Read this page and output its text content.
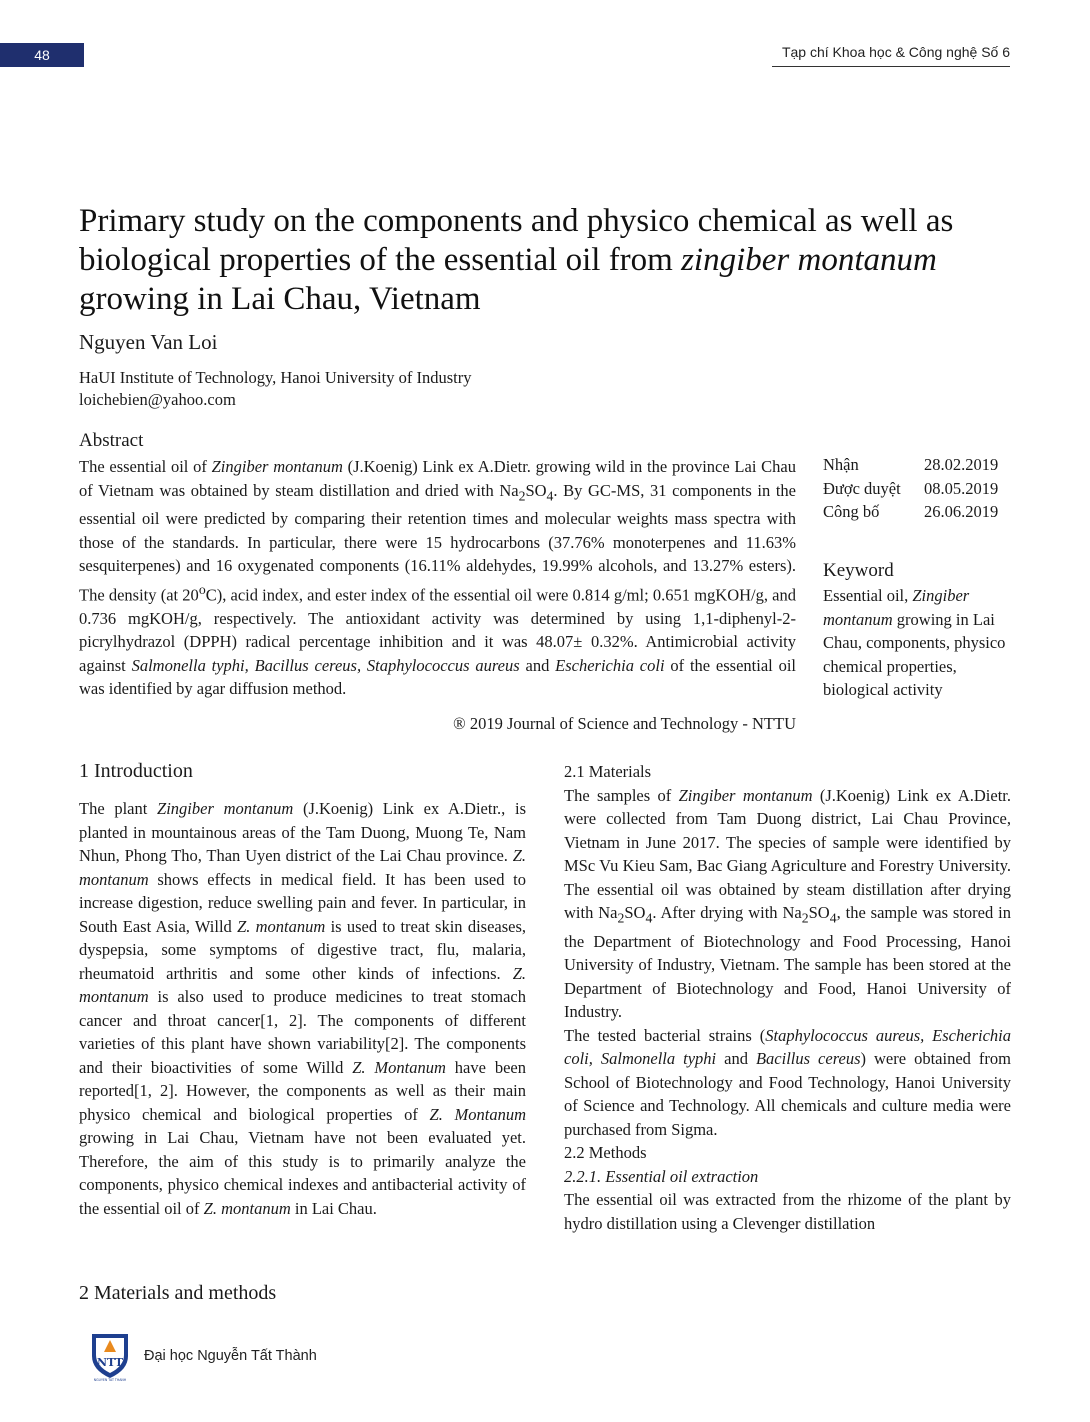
48	Tạp chí Khoa học & Công nghệ Số 6
Primary study on the components and physico chemical as well as biological properties of the essential oil from zingiber montanum growing in Lai Chau, Vietnam
Nguyen Van Loi
HaUI Institute of Technology, Hanoi University of Industry
loichebien@yahoo.com
Abstract

The essential oil of Zingiber montanum (J.Koenig) Link ex A.Dietr. growing wild in the province Lai Chau of Vietnam was obtained by steam distillation and dried with $Na_2SO_4$. By GC-MS, 31 components in the essential oil were predicted by comparing their retention times and molecular weights mass spectra with those of the standards. In particular, there were 15 hydrocarbons (37.76% monoterpenes and 11.63% sesquiterpenes) and 16 oxygenated components (16.11% aldehydes, 19.99% alcohols, and 13.27% esters). The density (at 20$^o$C), acid index, and ester index of the essential oil were 0.814 g/ml; 0.651 mgKOH/g, and 0.736 mgKOH/g, respectively. The antioxidant activity was determined by using 1,1-diphenyl-2-picrylhydrazol (DPPH) radical percentage inhibition and it was 48.07± 0.32%. Antimicrobial activity against Salmonella typhi, Bacillus cereus, Staphylococcus aureus and Escherichia coli of the essential oil was identified by agar diffusion method.

® 2019 Journal of Science and Technology - NTTU
Nhận	28.02.2019
Được duyệt	08.05.2019
Công bố	26.06.2019
Keyword
Essential oil, Zingiber montanum growing in Lai Chau, components, physico chemical properties, biological activity
1 Introduction

The plant Zingiber montanum (J.Koenig) Link ex A.Dietr., is planted in mountainous areas of the Tam Duong, Muong Te, Nam Nhun, Phong Tho, Than Uyen district of the Lai Chau province. Z. montanum shows effects in medical field. It has been used to increase digestion, reduce swelling pain and fever. In particular, in South East Asia, Willd Z. montanum is used to treat skin diseases, dyspepsia, some symptoms of digestive tract, flu, malaria, rheumatoid arthritis and some other kinds of infections. Z. montanum is also used to produce medicines to treat stomach cancer and throat cancer[1, 2]. The components of different varieties of this plant have shown variability[2]. The components and their bioactivities of some Willd Z. Montanum have been reported[1, 2]. However, the components as well as their main physico chemical and biological properties of Z. Montanum growing in Lai Chau, Vietnam have not been evaluated yet. Therefore, the aim of this study is to primarily analyze the components, physico chemical indexes and antibacterial activity of the essential oil of Z. montanum in Lai Chau.

2 Materials and methods
2.1 Materials

The samples of Zingiber montanum (J.Koenig) Link ex A.Dietr. were collected from Tam Duong district, Lai Chau Province, Vietnam in June 2017. The species of sample were identified by MSc Vu Kieu Sam, Bac Giang Agriculture and Forestry University. The essential oil was obtained by steam distillation after drying with $Na_2SO_4$. After drying with $Na_2SO_4$, the sample was stored in the Department of Biotechnology and Food Processing, Hanoi University of Industry, Vietnam. The sample has been stored at the Department of Biotechnology and Food, Hanoi University of Industry.

The tested bacterial strains (Staphylococcus aureus, Escherichia coli, Salmonella typhi and Bacillus cereus) were obtained from School of Biotechnology and Food Technology, Hanoi University of Science and Technology. All chemicals and culture media were purchased from Sigma.

2.2 Methods
2.2.1. Essential oil extraction

The essential oil was extracted from the rhizome of the plant by hydro distillation using a Clevenger distillation

NTT
NGUYEN TAT THANH
Đại học Nguyễn Tất Thành
